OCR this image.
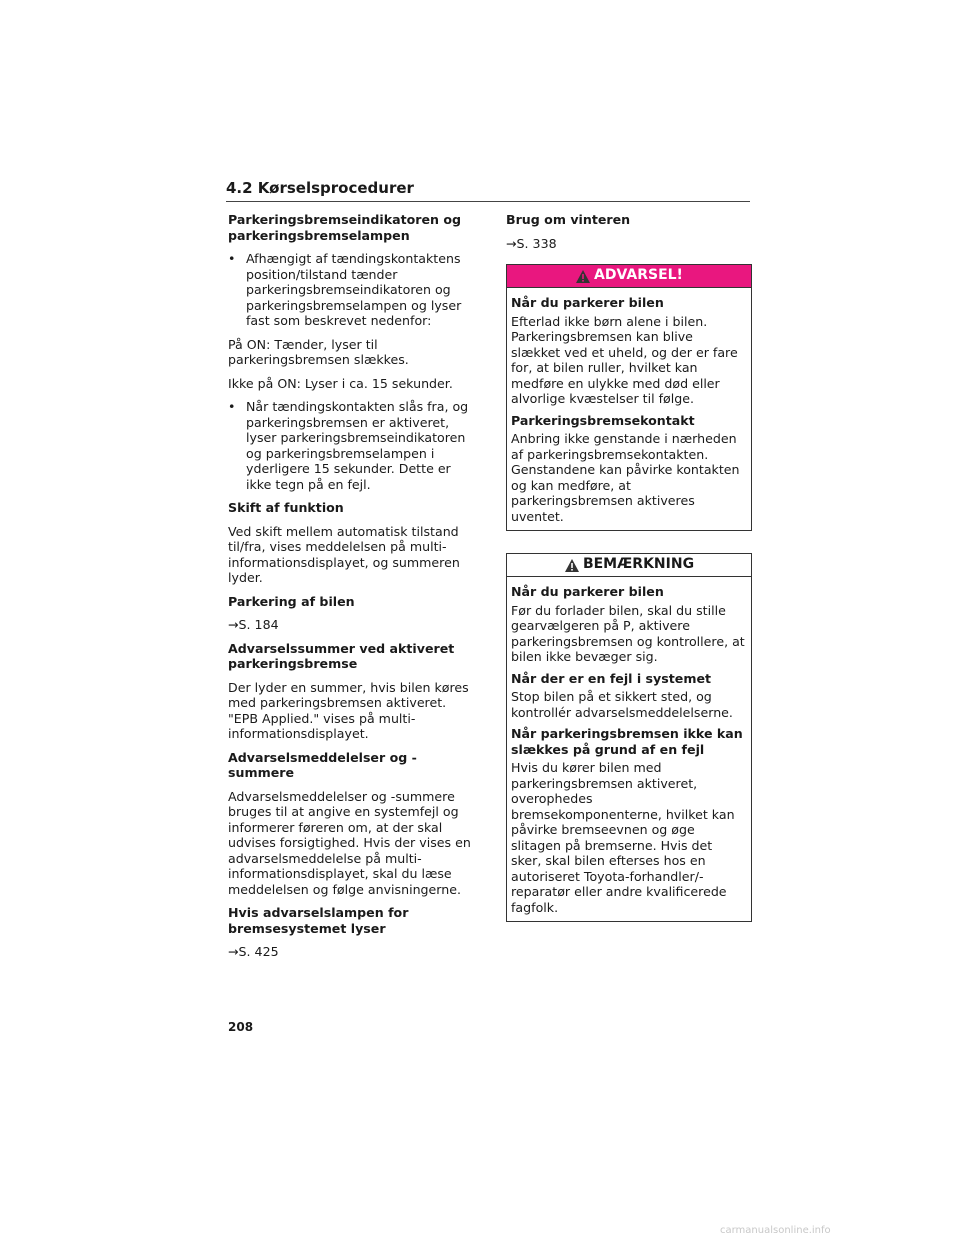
4.2 Kørselsprocedurer
Parkeringsbremseindikatoren og parkeringsbremselampen
• Afhængigt af tændingskontaktens position/tilstand tænder parkeringsbremseindikatoren og parkeringsbremselampen og lyser fast som beskrevet nedenfor:
På ON: Tænder, lyser til parkeringsbremsen slækkes.
Ikke på ON: Lyser i ca. 15 sekunder.
• Når tændingskontakten slås fra, og parkeringsbremsen er aktiveret, lyser parkeringsbremseindikatoren og parkeringsbremselampen i yderligere 15 sekunder. Dette er ikke tegn på en fejl.
Skift af funktion
Ved skift mellem automatisk tilstand til/fra, vises meddelelsen på multi-informationsdisplayet, og summeren lyder.
Parkering af bilen
→S. 184
Advarselssummer ved aktiveret parkeringsbremse
Der lyder en summer, hvis bilen køres med parkeringsbremsen aktiveret. "EPB Applied." vises på multi-informationsdisplayet.
Advarselsmeddelelser og -summere
Advarselsmeddelelser og -summere bruges til at angive en systemfejl og informerer føreren om, at der skal udvises forsigtighed. Hvis der vises en advarselsmeddelelse på multi-informationsdisplayet, skal du læse meddelelsen og følge anvisningerne.
Hvis advarselslampen for bremsesystemet lyser
→S. 425
Brug om vinteren
→S. 338
ADVARSEL!
Når du parkerer bilen
Efterlad ikke børn alene i bilen. Parkeringsbremsen kan blive slækket ved et uheld, og der er fare for, at bilen ruller, hvilket kan medføre en ulykke med død eller alvorlige kvæstelser til følge.
Parkeringsbremsekontakt
Anbring ikke genstande i nærheden af parkeringsbremsekontakten. Genstandene kan påvirke kontakten og kan medføre, at parkeringsbremsen aktiveres uventet.
BEMÆRKNING
Når du parkerer bilen
Før du forlader bilen, skal du stille gearvælgeren på P, aktivere parkeringsbremsen og kontrollere, at bilen ikke bevæger sig.
Når der er en fejl i systemet
Stop bilen på et sikkert sted, og kontrollér advarselsmeddelelserne.
Når parkeringsbremsen ikke kan slækkes på grund af en fejl
Hvis du kører bilen med parkeringsbremsen aktiveret, overophedes bremsekomponenterne, hvilket kan påvirke bremseevnen og øge slitagen på bremserne. Hvis det sker, skal bilen efterses hos en autoriseret Toyota-forhandler/-reparatør eller andre kvalificerede fagfolk.
208
carmanualsonline.info
